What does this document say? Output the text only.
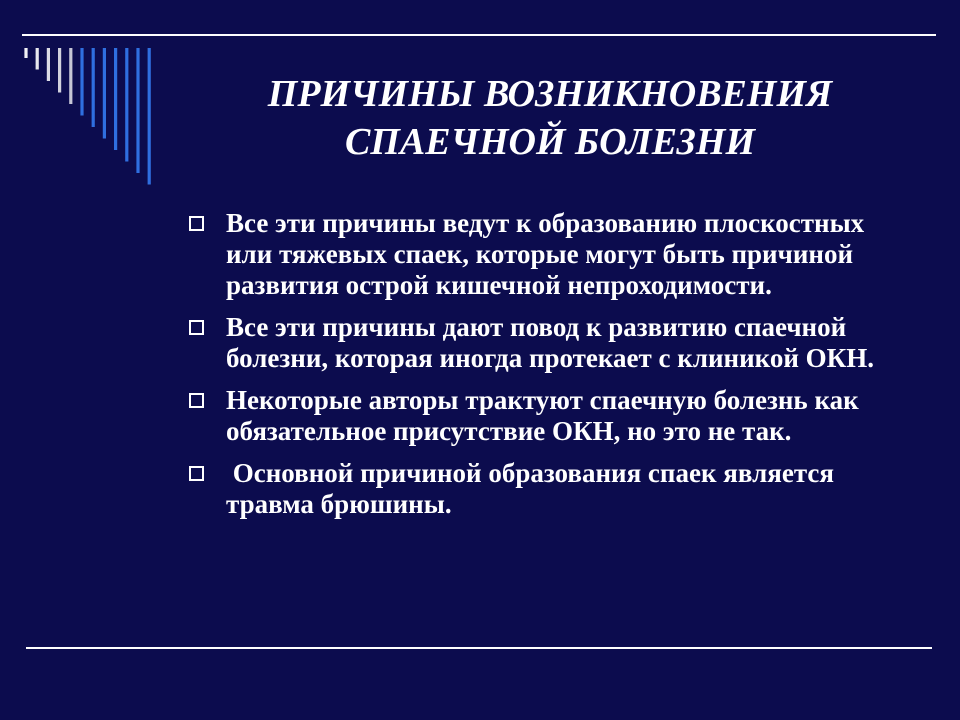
ПРИЧИНЫ ВОЗНИКНОВЕНИЯ
СПАЕЧНОЙ БОЛЕЗНИ
Все эти причины ведут к образованию плоскостных или тяжевых спаек, которые могут быть причиной развития острой кишечной непроходимости.
Все эти причины дают повод к развитию спаечной болезни, которая иногда протекает с клиникой ОКН.
Некоторые авторы трактуют спаечную болезнь как обязательное присутствие ОКН, но это не так.
Основной причиной образования спаек является травма брюшины.
